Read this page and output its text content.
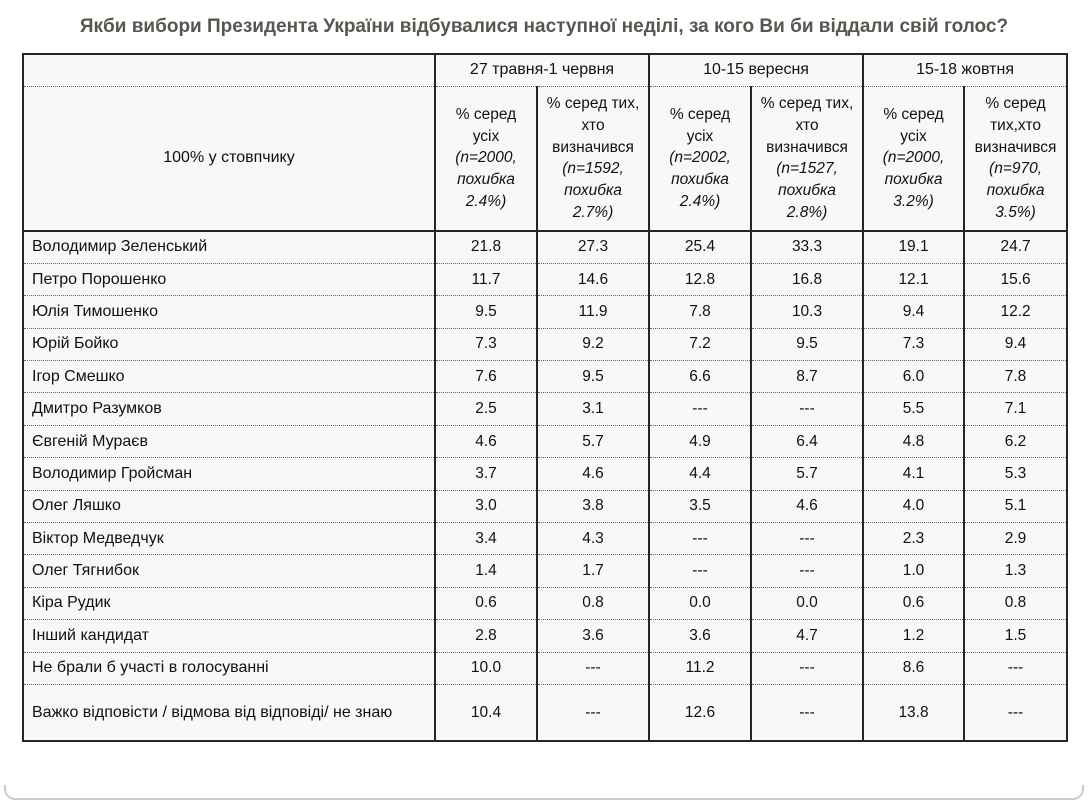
Якби вибори Президента України відбувалися наступної неділі, за кого Ви би віддали свій голос?
	27 травня-1 червня		10-15 вересня		15-18 жовтня	
100% у стовпчику	% серед усіх (n=2000, похибка 2.4%)	% серед тих, хто визначився (n=1592, похибка 2.7%)	% серед усіх (n=2002, похибка 2.4%)	% серед тих, хто визначився (n=1527, похибка 2.8%)	% серед усіх (n=2000, похибка 3.2%)	% серед тих,хто визначився (n=970, похибка 3.5%)
Володимир Зеленський	21.8	27.3	25.4	33.3	19.1	24.7
Петро Порошенко	11.7	14.6	12.8	16.8	12.1	15.6
Юлія Тимошенко	9.5	11.9	7.8	10.3	9.4	12.2
Юрій Бойко	7.3	9.2	7.2	9.5	7.3	9.4
Ігор Смешко	7.6	9.5	6.6	8.7	6.0	7.8
Дмитро Разумков	2.5	3.1	---	---	5.5	7.1
Євгеній Мураєв	4.6	5.7	4.9	6.4	4.8	6.2
Володимир Гройсман	3.7	4.6	4.4	5.7	4.1	5.3
Олег Ляшко	3.0	3.8	3.5	4.6	4.0	5.1
Віктор Медведчук	3.4	4.3	---	---	2.3	2.9
Олег Тягнибок	1.4	1.7	---	---	1.0	1.3
Кіра Рудик	0.6	0.8	0.0	0.0	0.6	0.8
Інший кандидат	2.8	3.6	3.6	4.7	1.2	1.5
Не брали б участі в голосуванні	10.0	---	11.2	---	8.6	---
Важко відповісти / відмова від відповіді/ не знаю	10.4	---	12.6	---	13.8	---
